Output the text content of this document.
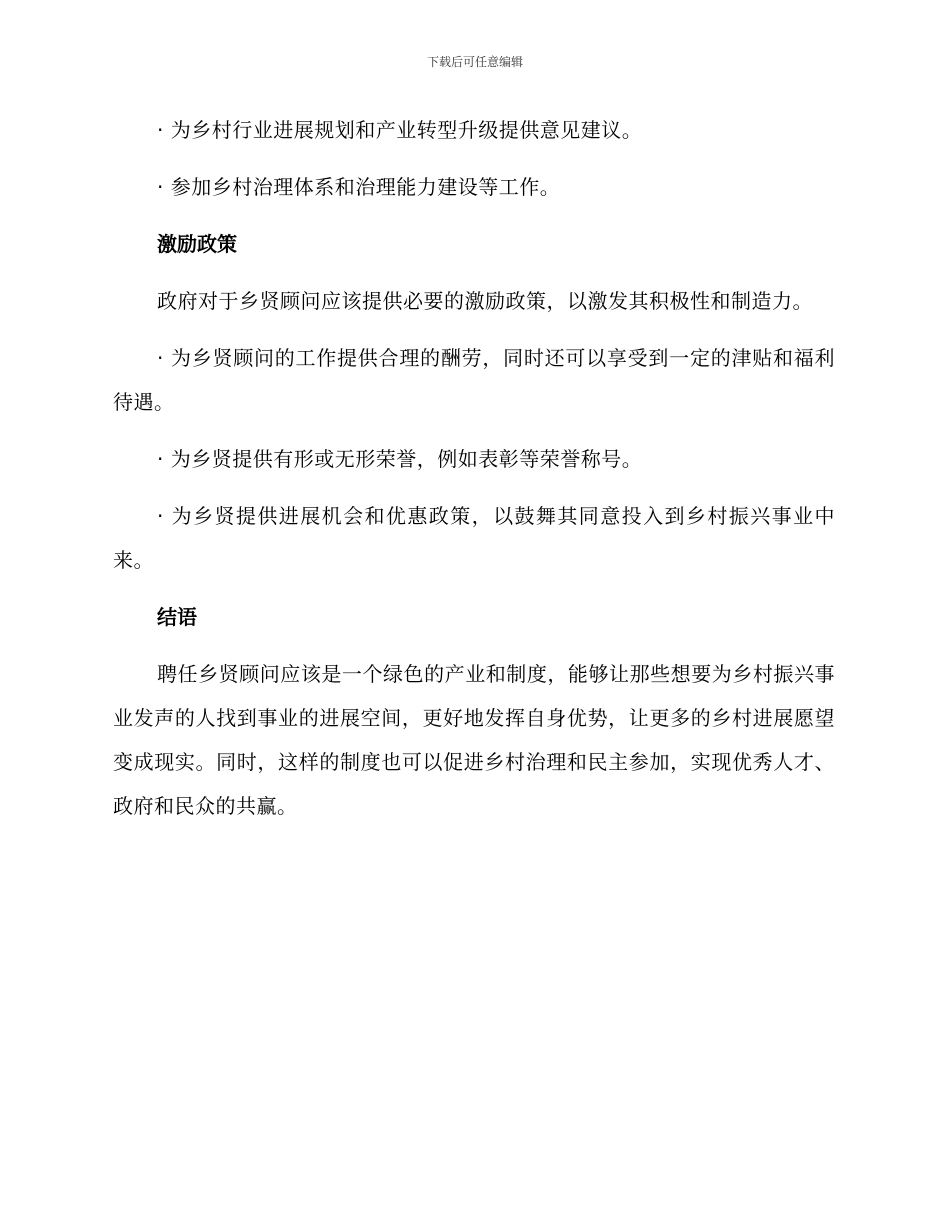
下载后可任意编辑

· 为乡村行业进展规划和产业转型升级提供意见建议。

· 参加乡村治理体系和治理能力建设等工作。

激励政策

政府对于乡贤顾问应该提供必要的激励政策，以激发其积极性和制造力。

· 为乡贤顾问的工作提供合理的酬劳，同时还可以享受到一定的津贴和福利待遇。

· 为乡贤提供有形或无形荣誉，例如表彰等荣誉称号。

· 为乡贤提供进展机会和优惠政策，以鼓舞其同意投入到乡村振兴事业中来。

结语

聘任乡贤顾问应该是一个绿色的产业和制度，能够让那些想要为乡村振兴事业发声的人找到事业的进展空间，更好地发挥自身优势，让更多的乡村进展愿望变成现实。同时，这样的制度也可以促进乡村治理和民主参加，实现优秀人才、政府和民众的共赢。
